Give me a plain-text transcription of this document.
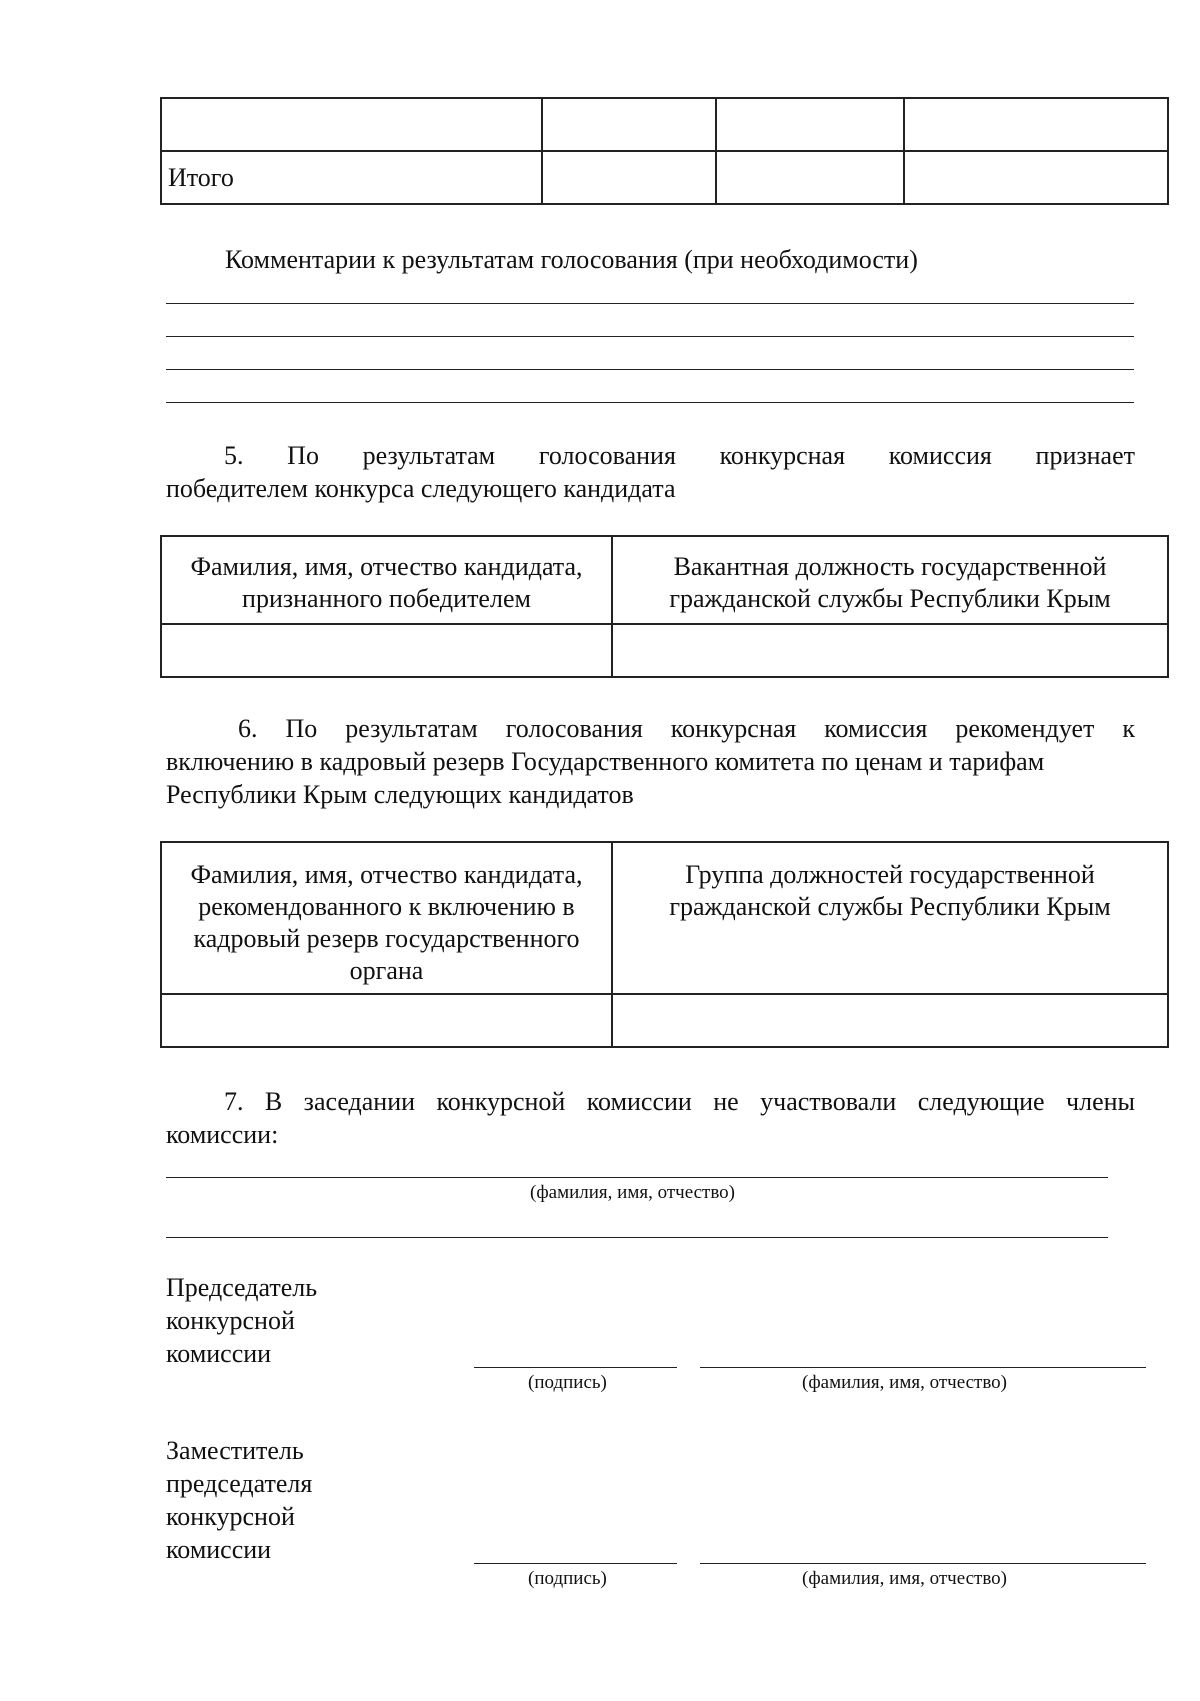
Итого			
Комментарии к результатам голосования (при необходимости)
5.  По  результатам  голосования  конкурсная  комиссия  признает
победителем конкурса следующего кандидата
Фамилия, имя, отчество кандидата, признанного победителем	Вакантная должность государственной гражданской службы Республики Крым

6. По результатам голосования конкурсная комиссия рекомендует к
включению в кадровый резерв Государственного комитета по ценам и тарифам
Республики Крым следующих кандидатов
Фамилия, имя, отчество кандидата, рекомендованного к включению в кадровый резерв государственного органа	Группа должностей государственной гражданской службы Республики Крым

7. В заседании конкурсной комиссии не участвовали следующие члены
комиссии:
(фамилия, имя, отчество)
Председатель
конкурсной
комиссии
(подпись)	(фамилия, имя, отчество)
Заместитель
председателя
конкурсной
комиссии
(подпись)	(фамилия, имя, отчество)
